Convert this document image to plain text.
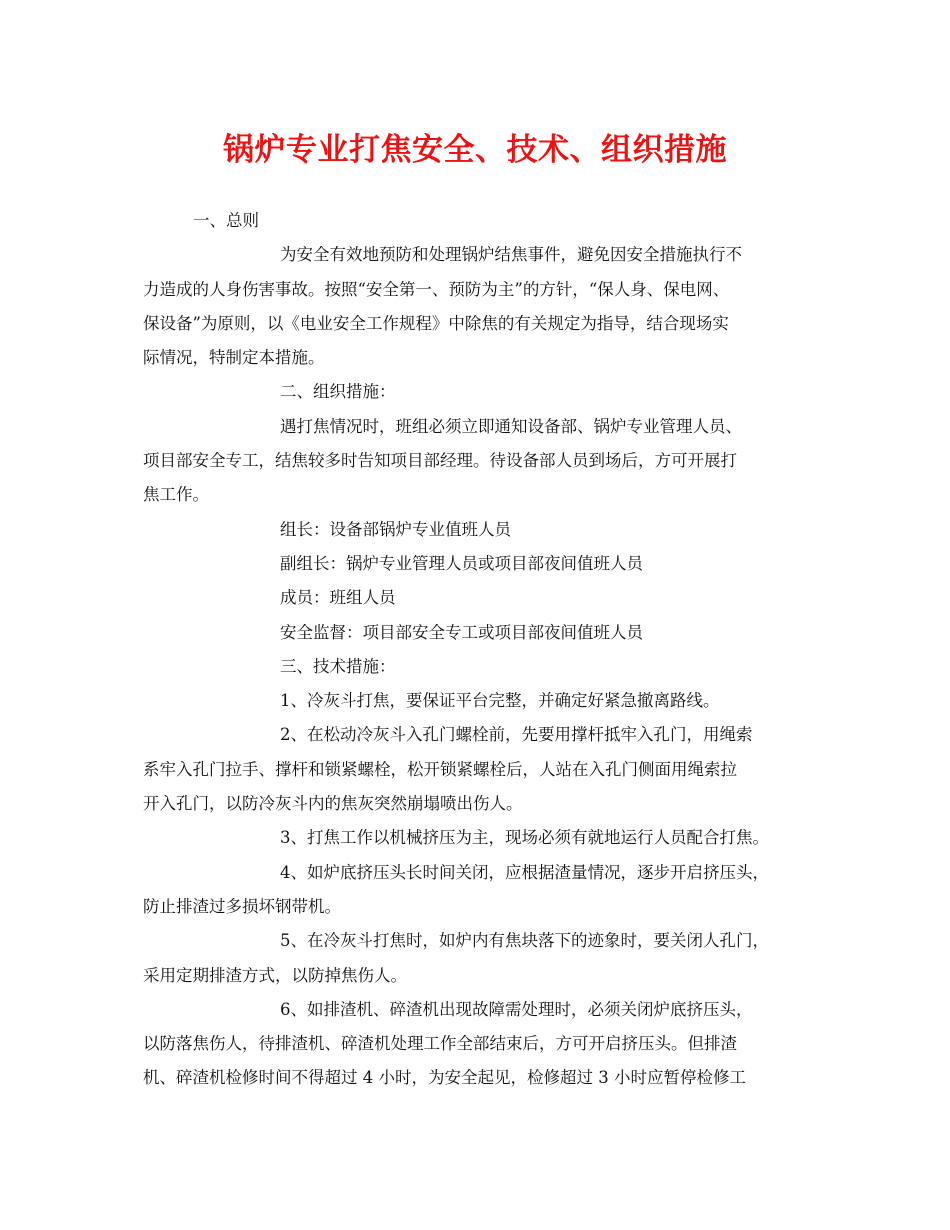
锅炉专业打焦安全、技术、组织措施
一、总则
为安全有效地预防和处理锅炉结焦事件，避免因安全措施执行不
力造成的人身伤害事故。按照“安全第一、预防为主”的方针，“保人身、保电网、
保设备”为原则，以《电业安全工作规程》中除焦的有关规定为指导，结合现场实
际情况，特制定本措施。
二、组织措施：
遇打焦情况时，班组必须立即通知设备部、锅炉专业管理人员、
项目部安全专工，结焦较多时告知项目部经理。待设备部人员到场后，方可开展打
焦工作。
组长：设备部锅炉专业值班人员
副组长：锅炉专业管理人员或项目部夜间值班人员
成员：班组人员
安全监督：项目部安全专工或项目部夜间值班人员
三、技术措施：
1、冷灰斗打焦，要保证平台完整，并确定好紧急撤离路线。
2、在松动冷灰斗入孔门螺栓前，先要用撑杆抵牢入孔门，用绳索
系牢入孔门拉手、撑杆和锁紧螺栓，松开锁紧螺栓后，人站在入孔门侧面用绳索拉
开入孔门，以防冷灰斗内的焦灰突然崩塌喷出伤人。
3、打焦工作以机械挤压为主，现场必须有就地运行人员配合打焦。
4、如炉底挤压头长时间关闭，应根据渣量情况，逐步开启挤压头，
防止排渣过多损坏钢带机。
5、在冷灰斗打焦时，如炉内有焦块落下的迹象时，要关闭人孔门，
采用定期排渣方式，以防掉焦伤人。
6、如排渣机、碎渣机出现故障需处理时，必须关闭炉底挤压头，
以防落焦伤人，待排渣机、碎渣机处理工作全部结束后，方可开启挤压头。但排渣
机、碎渣机检修时间不得超过 4 小时，为安全起见，检修超过 3 小时应暂停检修工
